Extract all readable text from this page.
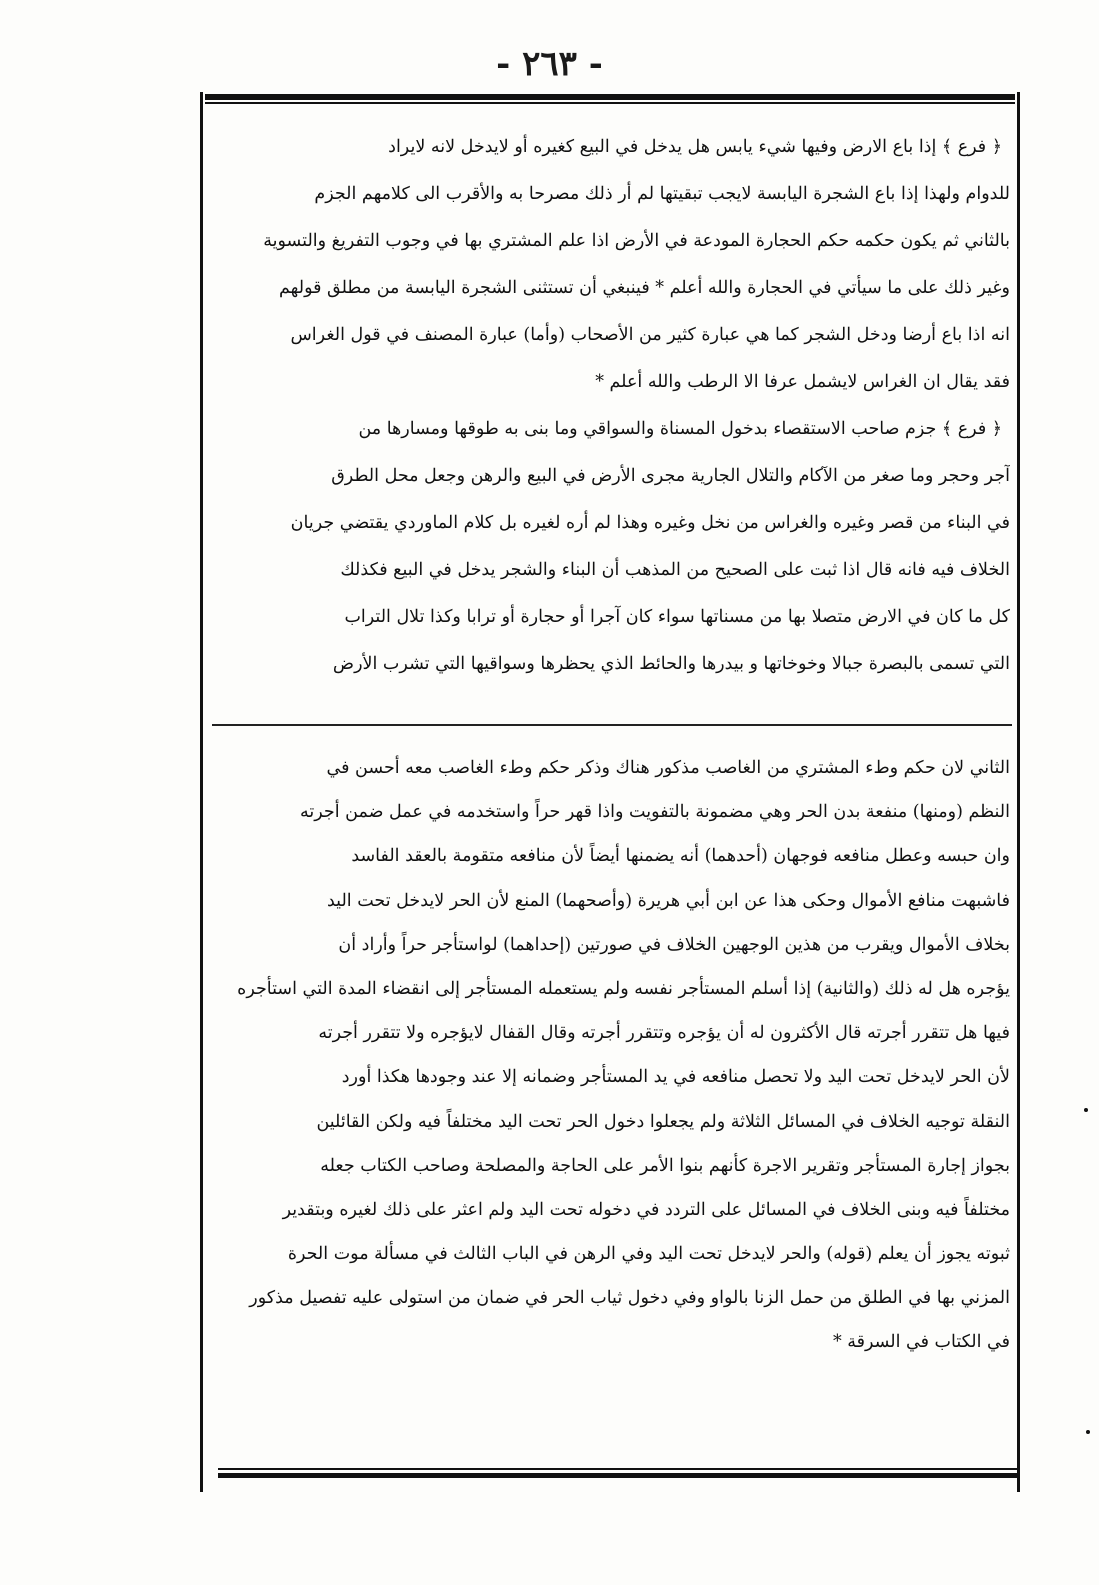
- ٢٦٣ -
﴿ فرع ﴾ إذا باع الارض وفيها شيء يابس هل يدخل في البيع كغيره أو لايدخل لانه لايراد
للدوام ولهذا إذا باع الشجرة اليابسة لايجب تبقيتها لم أر ذلك مصرحا به والأقرب الى كلامهم الجزم
بالثاني ثم يكون حكمه حكم الحجارة المودعة في الأرض اذا علم المشتري بها في وجوب التفريغ والتسوية
وغير ذلك على ما سيأتي في الحجارة والله أعلم * فينبغي أن تستثنى الشجرة اليابسة من مطلق قولهم
انه اذا باع أرضا ودخل الشجر كما هي عبارة كثير من الأصحاب (وأما) عبارة المصنف في قول الغراس
فقد يقال ان الغراس لايشمل عرفا الا الرطب والله أعلم *
﴿ فرع ﴾ جزم صاحب الاستقصاء بدخول المسناة والسواقي وما بنى به طوقها ومسارها من
آجر وحجر وما صغر من الآكام والتلال الجارية مجرى الأرض في البيع والرهن وجعل محل الطرق
في البناء من قصر وغيره والغراس من نخل وغيره وهذا لم أره لغيره بل كلام الماوردي يقتضي جريان
الخلاف فيه فانه قال اذا ثبت على الصحيح من المذهب أن البناء والشجر يدخل في البيع فكذلك
كل ما كان في الارض متصلا بها من مسناتها سواء كان آجرا أو حجارة أو ترابا وكذا تلال التراب
التي تسمى بالبصرة جبالا وخوخاتها و بيدرها والحائط الذي يحظرها وسواقيها التي تشرب الأرض
الثاني لان حكم وطء المشتري من الغاصب مذكور هناك وذكر حكم وطء الغاصب معه أحسن في
النظم (ومنها) منفعة بدن الحر وهي مضمونة بالتفويت واذا قهر حراً واستخدمه في عمل ضمن أجرته
وان حبسه وعطل منافعه فوجهان (أحدهما) أنه يضمنها أيضاً لأن منافعه متقومة بالعقد الفاسد
فاشبهت منافع الأموال وحكى هذا عن ابن أبي هريرة (وأصحهما) المنع لأن الحر لايدخل تحت اليد
بخلاف الأموال ويقرب من هذين الوجهين الخلاف في صورتين (إحداهما) لواستأجر حراً وأراد أن
يؤجره هل له ذلك (والثانية) إذا أسلم المستأجر نفسه ولم يستعمله المستأجر إلى انقضاء المدة التي استأجره
فيها هل تتقرر أجرته قال الأكثرون له أن يؤجره وتتقرر أجرته وقال القفال لايؤجره ولا تتقرر أجرته
لأن الحر لايدخل تحت اليد ولا تحصل منافعه في يد المستأجر وضمانه إلا عند وجودها هكذا أورد
النقلة توجيه الخلاف في المسائل الثلاثة ولم يجعلوا دخول الحر تحت اليد مختلفاً فيه ولكن القائلين
بجواز إجارة المستأجر وتقرير الاجرة كأنهم بنوا الأمر على الحاجة والمصلحة وصاحب الكتاب جعله
مختلفاً فيه وبنى الخلاف في المسائل على التردد في دخوله تحت اليد ولم اعثر على ذلك لغيره وبتقدير
ثبوته يجوز أن يعلم (قوله) والحر لايدخل تحت اليد وفي الرهن في الباب الثالث في مسألة موت الحرة
المزني بها في الطلق من حمل الزنا بالواو وفي دخول ثياب الحر في ضمان من استولى عليه تفصيل مذكور
في الكتاب في السرقة *
